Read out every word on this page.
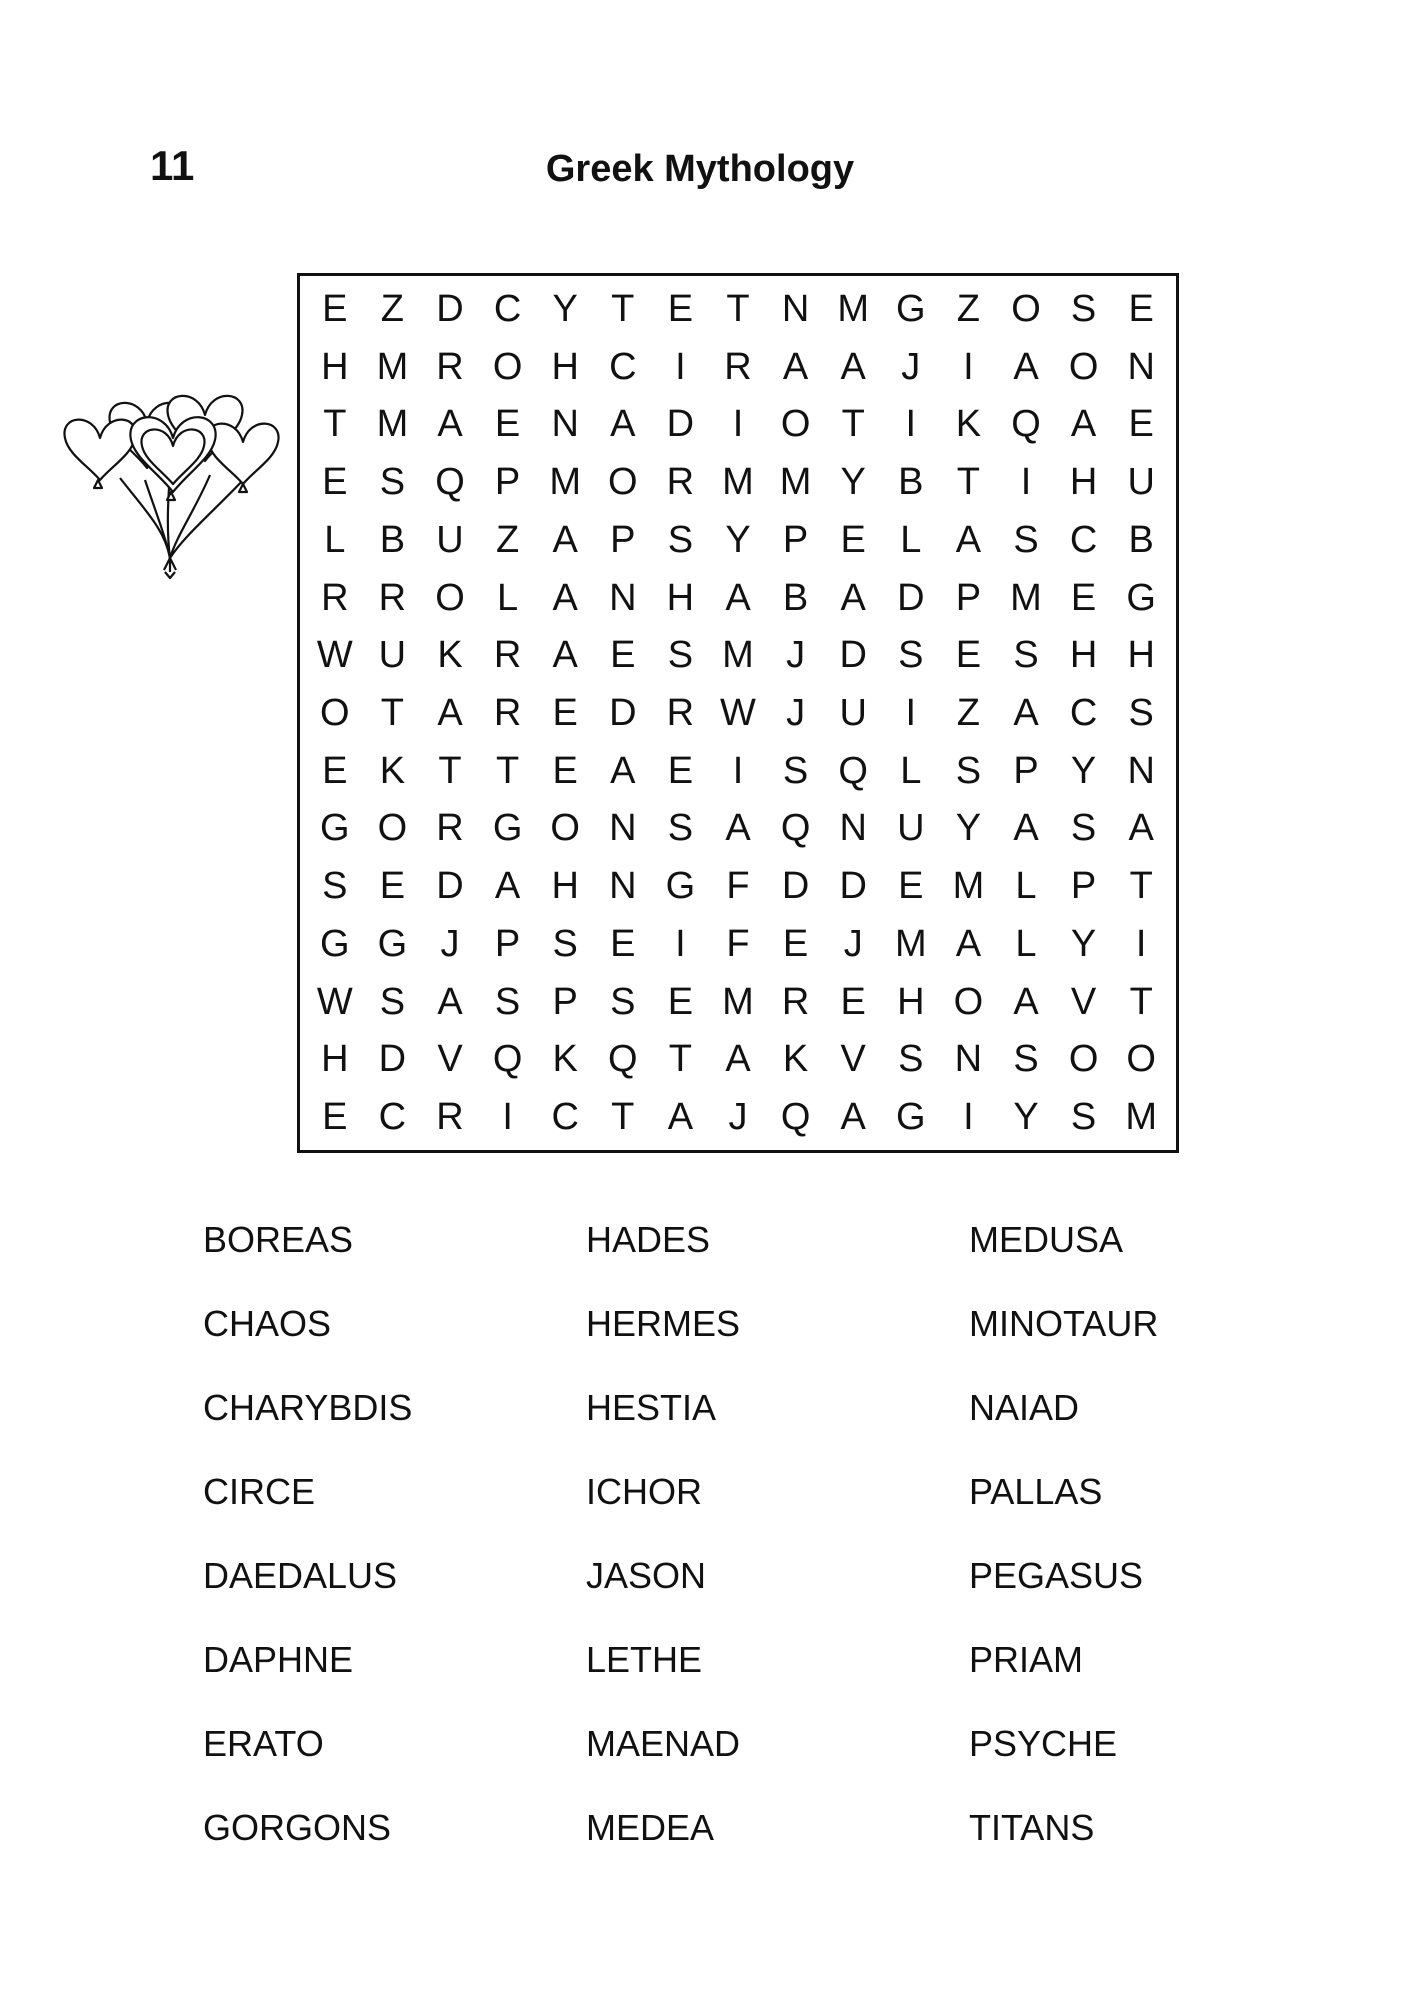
11	Greek Mythology
E Z D C Y T E T N M G Z O S E
H M R O H C	I	R A A J	I	A O N
T M A E N A D	I O T	I	K Q A E
E S Q P M O R M M Y B T	I	H U
L B U Z A P S Y P E L A S C B
R R O L A N H A B A D P M E G
W U K R A E S M J D S E S H H
O T A R E D R W J U	I	Z A C S
E K T T E A E	I	S Q L S P Y N
G O R G O N S A Q N U Y A S A
S E D A H N G F D D E M L P T
G G J P S E	I	F E J M A L Y	I
W S A S P S E M R E H O A V T
H D V Q K Q T A K V S N S O O
E C R	I	C T A J Q A G I	Y S M
BOREAS
CHAOS
CHARYBDIS
CIRCE
DAEDALUS
DAPHNE
ERATO
GORGONS
HADES
HERMES
HESTIA
ICHOR
JASON
LETHE
MAENAD
MEDEA
MEDUSA
MINOTAUR
NAIAD
PALLAS
PEGASUS
PRIAM
PSYCHE
TITANS
